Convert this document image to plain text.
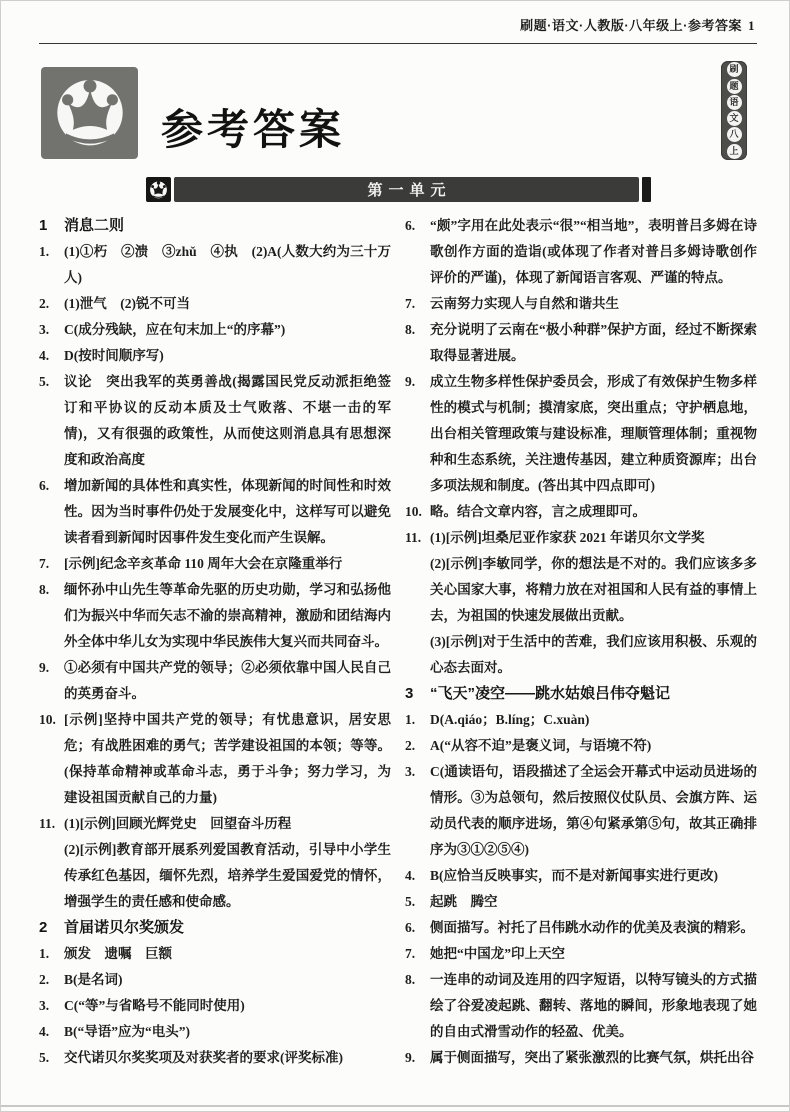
刷题·语文·人教版·八年级上·参考答案 1
参考答案
刷
题
语
文
八
上
第一单元
1	消息二则
1.	(1)①朽　②溃　③zhǔ　④执　(2)A(人数大约为三十万人)
2.	(1)泄气　(2)锐不可当
3.	C(成分残缺，应在句末加上“的序幕”)
4.	D(按时间顺序写)
5.	议论　突出我军的英勇善战(揭露国民党反动派拒绝签订和平协议的反动本质及士气败落、不堪一击的军情)，又有很强的政策性，从而使这则消息具有思想深度和政治高度
6.	增加新闻的具体性和真实性，体现新闻的时间性和时效性。因为当时事件仍处于发展变化中，这样写可以避免读者看到新闻时因事件发生变化而产生误解。
7.	[示例]纪念辛亥革命 110 周年大会在京隆重举行
8.	缅怀孙中山先生等革命先驱的历史功勋，学习和弘扬他们为振兴中华而矢志不渝的崇高精神，激励和团结海内外全体中华儿女为实现中华民族伟大复兴而共同奋斗。
9.	①必须有中国共产党的领导；②必须依靠中国人民自己的英勇奋斗。
10. [示例]坚持中国共产党的领导；有忧患意识，居安思危；有战胜困难的勇气；苦学建设祖国的本领；等等。(保持革命精神或革命斗志，勇于斗争；努力学习，为建设祖国贡献自己的力量)
11. (1)[示例]回顾光辉党史　回望奋斗历程
(2)[示例]教育部开展系列爱国教育活动，引导中小学生传承红色基因，缅怀先烈，培养学生爱国爱党的情怀，增强学生的责任感和使命感。
2	首届诺贝尔奖颁发
1.	颁发　遗嘱　巨额
2.	B(是名词)
3.	C(“等”与省略号不能同时使用)
4.	B(“导语”应为“电头”)
5.	交代诺贝尔奖奖项及对获奖者的要求(评奖标准)
6.	“颇”字用在此处表示“很”“相当地”，表明普吕多姆在诗歌创作方面的造诣(或体现了作者对普吕多姆诗歌创作评价的严谨)，体现了新闻语言客观、严谨的特点。
7.	云南努力实现人与自然和谐共生
8.	充分说明了云南在“极小种群”保护方面，经过不断探索取得显著进展。
9.	成立生物多样性保护委员会，形成了有效保护生物多样性的模式与机制；摸清家底，突出重点；守护栖息地，出台相关管理政策与建设标准，理顺管理体制；重视物种和生态系统，关注遗传基因，建立种质资源库；出台多项法规和制度。(答出其中四点即可)
10. 略。结合文章内容，言之成理即可。
11. (1)[示例]坦桑尼亚作家获 2021 年诺贝尔文学奖
(2)[示例]李敏同学，你的想法是不对的。我们应该多多关心国家大事，将精力放在对祖国和人民有益的事情上去，为祖国的快速发展做出贡献。
(3)[示例]对于生活中的苦难，我们应该用积极、乐观的心态去面对。
3	“飞天”凌空——跳水姑娘吕伟夺魁记
1.	D(A.qiáo；B.líng；C.xuàn)
2.	A(“从容不迫”是褒义词，与语境不符)
3.	C(通读语句，语段描述了全运会开幕式中运动员进场的情形。③为总领句，然后按照仪仗队员、会旗方阵、运动员代表的顺序进场，第④句紧承第⑤句，故其正确排序为③①②⑤④)
4.	B(应恰当反映事实，而不是对新闻事实进行更改)
5.	起跳　腾空
6.	侧面描写。衬托了吕伟跳水动作的优美及表演的精彩。
7.	她把“中国龙”印上天空
8.	一连串的动词及连用的四字短语，以特写镜头的方式描绘了谷爱凌起跳、翻转、落地的瞬间，形象地表现了她的自由式滑雪动作的轻盈、优美。
9.	属于侧面描写，突出了紧张激烈的比赛气氛，烘托出谷
